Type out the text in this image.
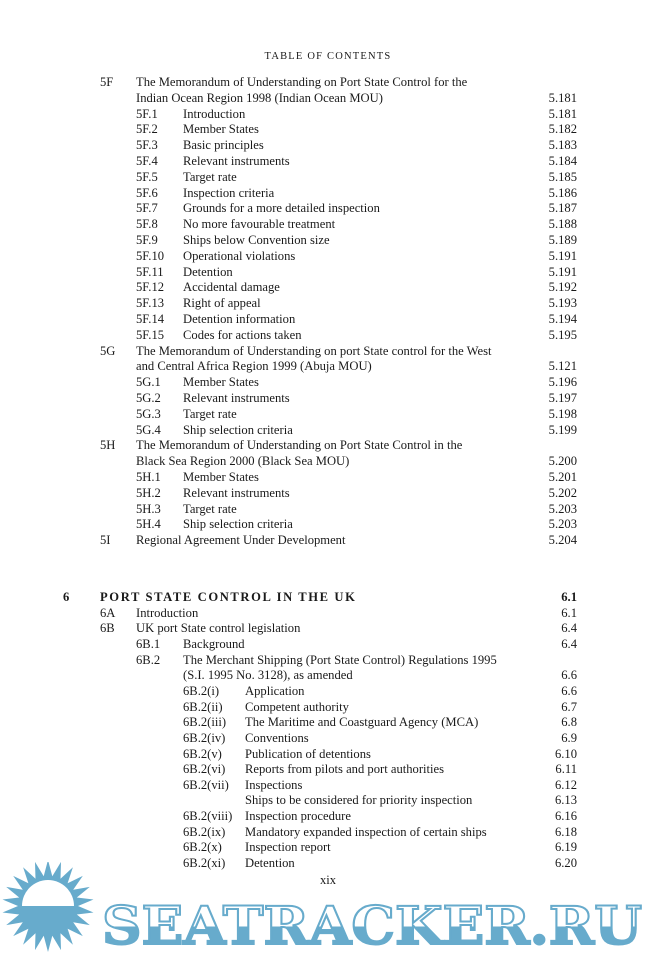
TABLE OF CONTENTS
5F The Memorandum of Understanding on Port State Control for the
Indian Ocean Region 1998 (Indian Ocean MOU)	5.181
5F.1 Introduction	5.181
5F.2 Member States	5.182
5F.3 Basic principles	5.183
5F.4 Relevant instruments	5.184
5F.5 Target rate	5.185
5F.6 Inspection criteria	5.186
5F.7 Grounds for a more detailed inspection	5.187
5F.8 No more favourable treatment	5.188
5F.9 Ships below Convention size	5.189
5F.10 Operational violations	5.191
5F.11 Detention	5.191
5F.12 Accidental damage	5.192
5F.13 Right of appeal	5.193
5F.14 Detention information	5.194
5F.15 Codes for actions taken	5.195
5G The Memorandum of Understanding on port State control for the West
and Central Africa Region 1999 (Abuja MOU)	5.121
5G.1 Member States	5.196
5G.2 Relevant instruments	5.197
5G.3 Target rate	5.198
5G.4 Ship selection criteria	5.199
5H The Memorandum of Understanding on Port State Control in the
Black Sea Region 2000 (Black Sea MOU)	5.200
5H.1 Member States	5.201
5H.2 Relevant instruments	5.202
5H.3 Target rate	5.203
5H.4 Ship selection criteria	5.203
5I Regional Agreement Under Development	5.204
6 PORT STATE CONTROL IN THE UK	6.1
6A Introduction	6.1
6B UK port State control legislation	6.4
6B.1 Background	6.4
6B.2 The Merchant Shipping (Port State Control) Regulations 1995
(S.I. 1995 No. 3128), as amended	6.6
6B.2(i) Application	6.6
6B.2(ii) Competent authority	6.7
6B.2(iii) The Maritime and Coastguard Agency (MCA)	6.8
6B.2(iv) Conventions	6.9
6B.2(v) Publication of detentions	6.10
6B.2(vi) Reports from pilots and port authorities	6.11
6B.2(vii) Inspections	6.12
Ships to be considered for priority inspection	6.13
6B.2(viii) Inspection procedure	6.16
6B.2(ix) Mandatory expanded inspection of certain ships	6.18
6B.2(x) Inspection report	6.19
6B.2(xi) Detention	6.20
xix
SEATRACKER.RU
